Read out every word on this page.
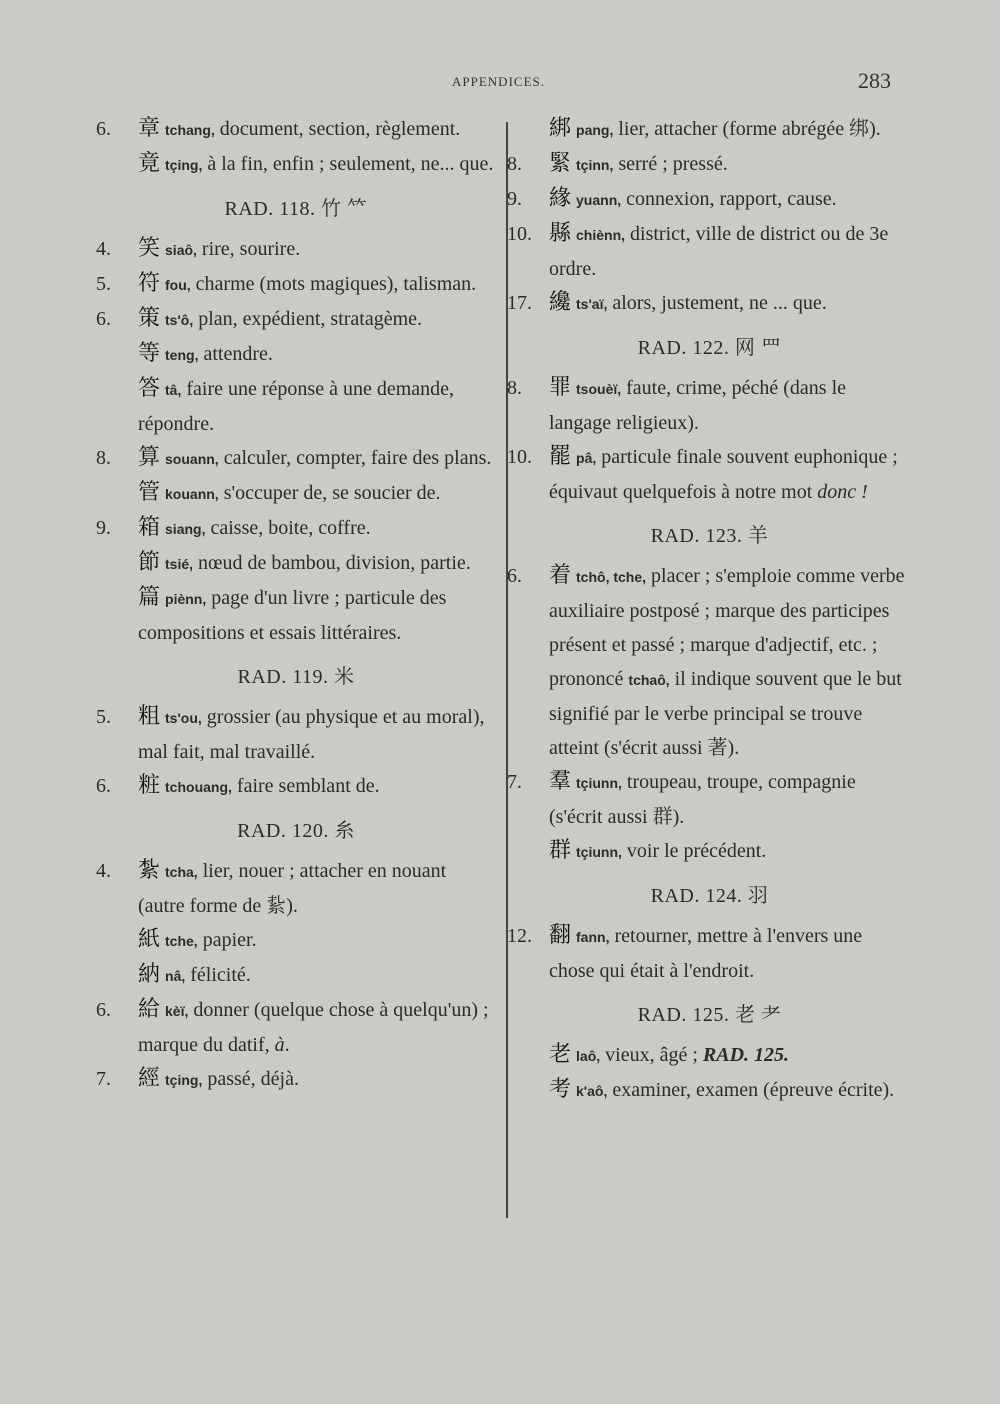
APPENDICES.	283
6.	章 tchang, document, section, règlement.
竟 tçing, à la fin, enfin ; seulement, ne... que.
RAD. 118. 竹 𥫗
4.	笑 siaô, rire, sourire.
5.	符 fou, charme (mots magiques), talisman.
6.	策 ts'ô, plan, expédient, stratagème.
等 teng, attendre.
答 tâ, faire une réponse à une demande, répondre.
8.	算 souann, calculer, compter, faire des plans.
管 kouann, s'occuper de, se soucier de.
9.	箱 siang, caisse, boite, coffre.
節 tsié, nœud de bambou, division, partie.
篇 piènn, page d'un livre ; particule des compositions et essais littéraires.
RAD. 119. 米
5.	粗 ts'ou, grossier (au physique et au moral), mal fait, mal travaillé.
6.	粧 tchouang, faire semblant de.
RAD. 120. 糸
4.	紮 tcha, lier, nouer ; attacher en nouant (autre forme de 紥).
紙 tche, papier.
納 nâ, félicité.
6.	給 kèï, donner (quelque chose à quelqu'un) ; marque du datif, à.
7.	經 tçing, passé, déjà.
綁 pang, lier, attacher (forme abrégée 绑).
8.	緊 tçinn, serré ; pressé.
9.	緣 yuann, connexion, rapport, cause.
10. 縣 chiènn, district, ville de district ou de 3e ordre.
17. 纔 ts'aï, alors, justement, ne ... que.
RAD. 122. 网 罒
8.	罪 tsouèï, faute, crime, péché (dans le langage religieux).
10. 罷 pâ, particule finale souvent euphonique ; équivaut quelquefois à notre mot donc !
RAD. 123. 羊
6.	着 tchô, tche, placer ; s'emploie comme verbe auxiliaire postposé ; marque des participes présent et passé ; marque d'adjectif, etc. ; prononcé tchaô, il indique souvent que le but signifié par le verbe principal se trouve atteint (s'écrit aussi 著).
7.	羣 tçiunn, troupeau, troupe, compagnie (s'écrit aussi 群).
群 tçiunn, voir le précédent.
RAD. 124. 羽
12. 翻 fann, retourner, mettre à l'envers une chose qui était à l'endroit.
RAD. 125. 老 耂
老 laô, vieux, âgé ; RAD. 125.
考 k'aô, examiner, examen (épreuve écrite).
